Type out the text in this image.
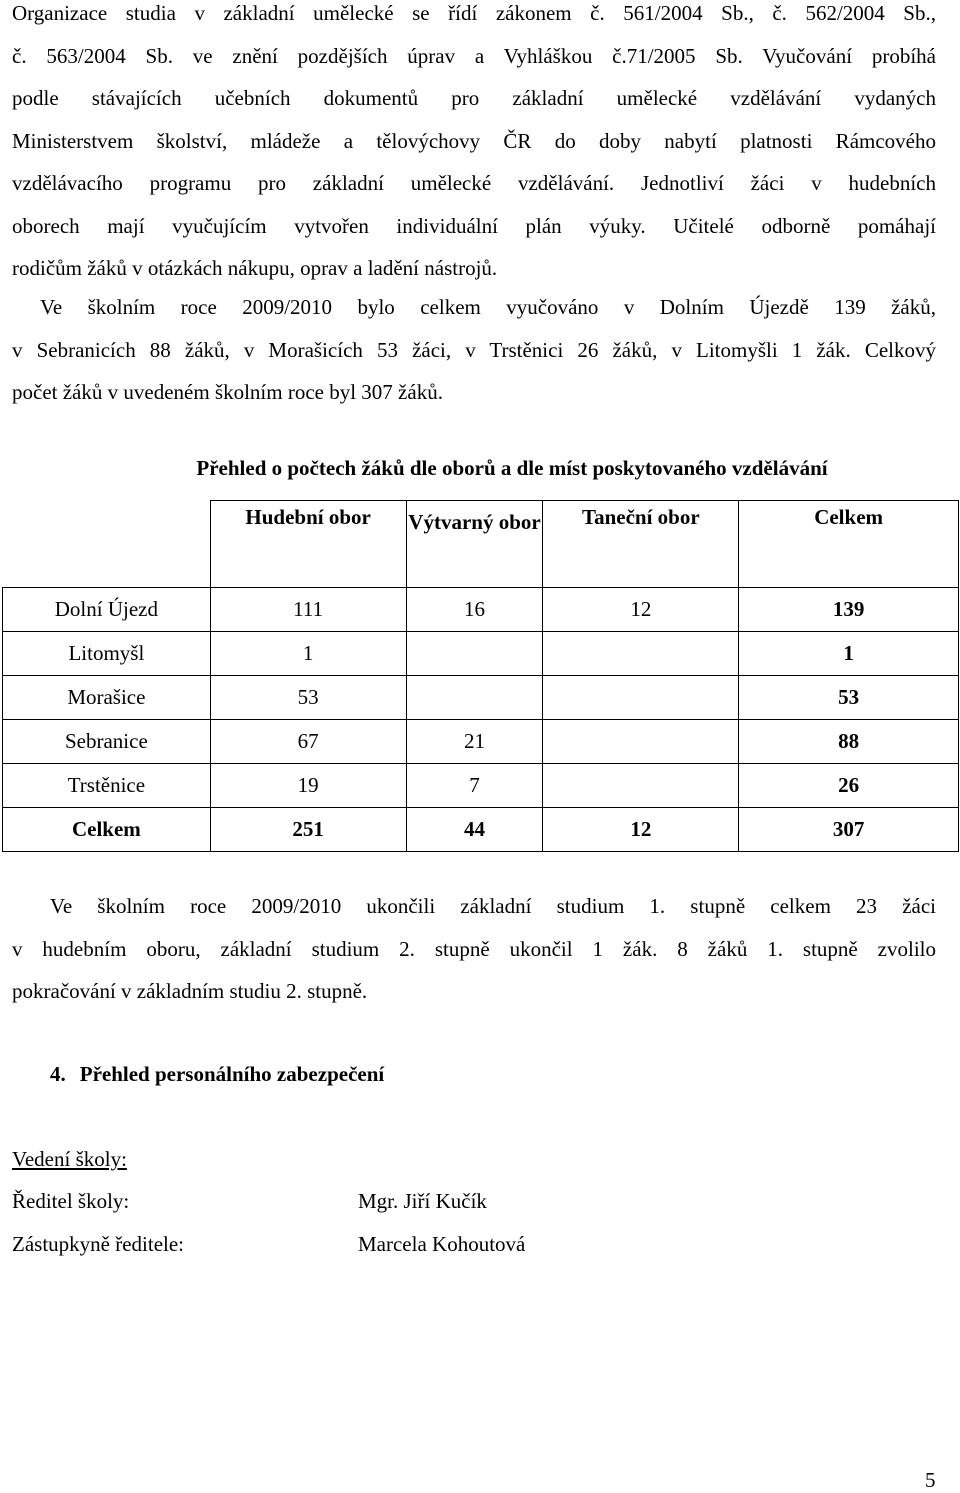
Organizace studia v základní umělecké se řídí zákonem č. 561/2004 Sb., č. 562/2004 Sb.,
č. 563/2004 Sb. ve znění pozdějších úprav a Vyhláškou č.71/2005 Sb. Vyučování probíhá
podle stávajících učebních dokumentů pro základní umělecké vzdělávání vydaných
Ministerstvem školství, mládeže a tělovýchovy ČR do doby nabytí platnosti Rámcového
vzdělávacího programu pro základní umělecké vzdělávání. Jednotliví žáci v hudebních
oborech mají vyučujícím vytvořen individuální plán výuky. Učitelé odborně pomáhají
rodičům žáků v otázkách nákupu, oprav a ladění nástrojů.
Ve školním roce 2009/2010 bylo celkem vyučováno v Dolním Újezdě 139 žáků,
v Sebranicích 88 žáků, v Morašicích 53 žáci, v Trstěnici 26 žáků, v Litomyšli 1 žák. Celkový
počet žáků v uvedeném školním roce byl 307 žáků.
Přehled o počtech žáků dle oborů a dle míst poskytovaného vzdělávání
	Hudební obor	Výtvarný obor	Taneční obor	Celkem
Dolní Újezd	111	16	12	139
Litomyšl	1			1
Morašice	53			53
Sebranice	67	21		88
Trstěnice	19	7		26
Celkem	251	44	12	307
Ve školním roce 2009/2010 ukončili základní studium 1. stupně celkem 23 žáci
v hudebním oboru, základní studium 2. stupně ukončil 1 žák. 8 žáků 1. stupně zvolilo
pokračování v základním studiu 2. stupně.
4. Přehled personálního zabezpečení
Vedení školy:
Ředitel školy:	Mgr. Jiří Kučík
Zástupkyně ředitele:	Marcela Kohoutová
5
